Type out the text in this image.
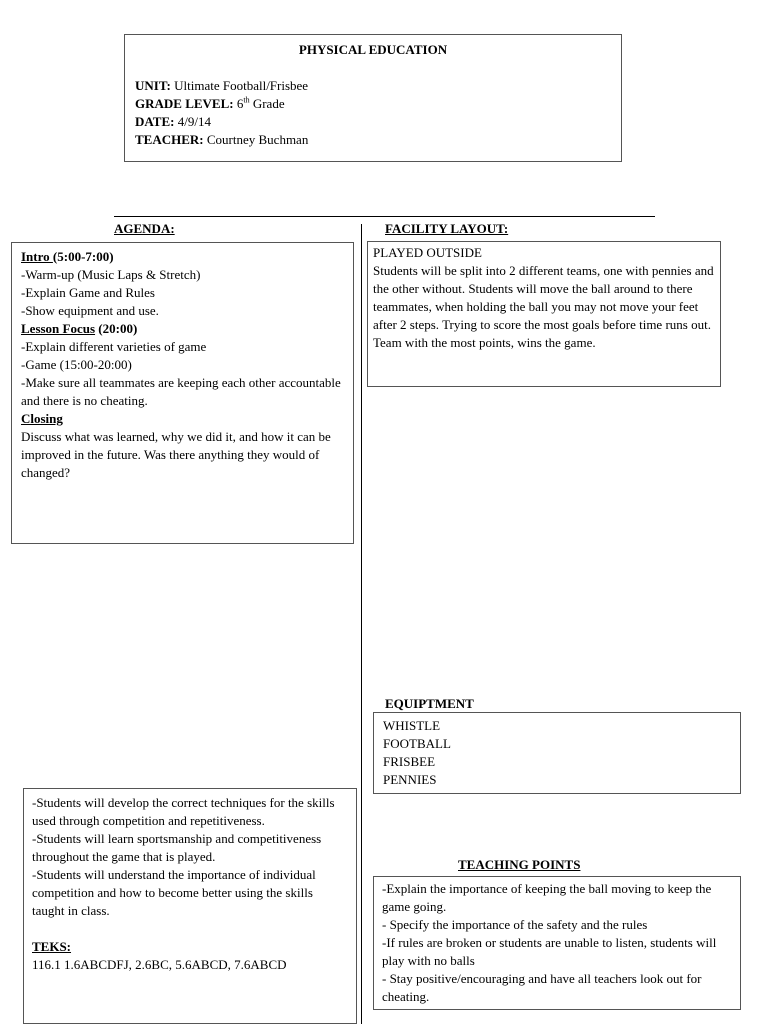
PHYSICAL EDUCATION
UNIT: Ultimate Football/Frisbee
GRADE LEVEL: 6th Grade
DATE: 4/9/14
TEACHER: Courtney Buchman
AGENDA:	FACILITY LAYOUT:
Intro (5:00-7:00)
-Warm-up (Music Laps & Stretch)
-Explain Game and Rules
-Show equipment and use.
Lesson Focus (20:00)
-Explain different varieties of game
-Game (15:00-20:00)
-Make sure all teammates are keeping each other accountable and there is no cheating.
Closing
Discuss what was learned, why we did it, and how it can be improved in the future. Was there anything they would of changed?
PLAYED OUTSIDE
Students will be split into 2 different teams, one with pennies and the other without. Students will move the ball around to there teammates, when holding the ball you may not move your feet after 2 steps. Trying to score the most goals before time runs out. Team with the most points, wins the game.
EQUIPTMENT
WHISTLE
FOOTBALL
FRISBEE
PENNIES
-Students will develop the correct techniques for the skills used through competition and repetitiveness.
-Students will learn sportsmanship and competitiveness throughout the game that is played.
-Students will understand the importance of individual competition and how to become better using the skills taught in class.
TEKS:
116.1 1.6ABCDFJ, 2.6BC, 5.6ABCD, 7.6ABCD
TEACHING POINTS
-Explain the importance of keeping the ball moving to keep the game going.
- Specify the importance of the safety and the rules
-If rules are broken or students are unable to listen, students will play with no balls
- Stay positive/encouraging and have all teachers look out for cheating.
